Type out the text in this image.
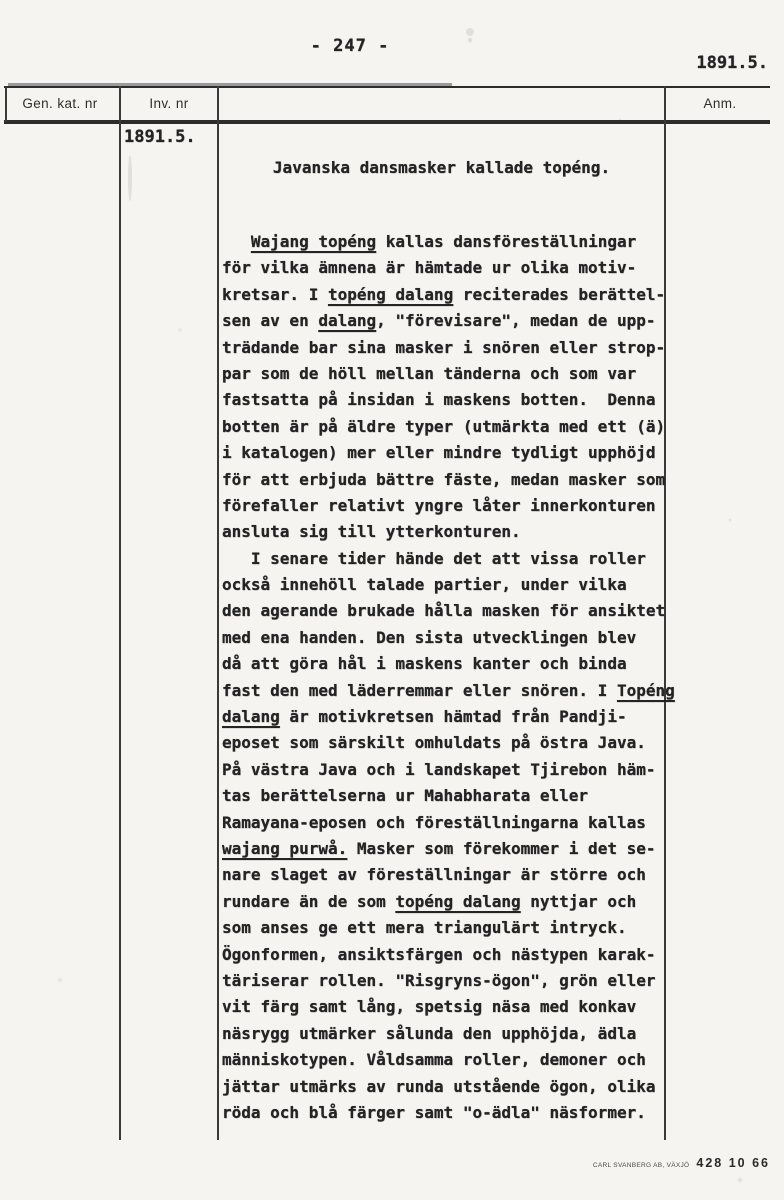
- 247 -
1891.5.
Gen. kat. nr	Inv. nr	Anm.
1891.5.
Javanska dansmasker kallade topéng.
Wajang topéng kallas dansföreställningar
för vilka ämnena är hämtade ur olika motiv-
kretsar. I topéng dalang reciterades berättel-
sen av en dalang, "förevisare", medan de upp-
trädande bar sina masker i snören eller strop-
par som de höll mellan tänderna och som var
fastsatta på insidan i maskens botten.  Denna
botten är på äldre typer (utmärkta med ett (ä)
i katalogen) mer eller mindre tydligt upphöjd
för att erbjuda bättre fäste, medan masker som
förefaller relativt yngre låter innerkonturen
ansluta sig till ytterkonturen.
I senare tider hände det att vissa roller
också innehöll talade partier, under vilka
den agerande brukade hålla masken för ansiktet
med ena handen. Den sista utvecklingen blev
då att göra hål i maskens kanter och binda
fast den med läderremmar eller snören. I Topéng
dalang är motivkretsen hämtad från Pandji-
eposet som särskilt omhuldats på östra Java.
På västra Java och i landskapet Tjirebon häm-
tas berättelserna ur Mahabharata eller
Ramayana-eposen och föreställningarna kallas
wajang purwå. Masker som förekommer i det se-
nare slaget av föreställningar är större och
rundare än de som topéng dalang nyttjar och
som anses ge ett mera triangulärt intryck.
Ögonformen, ansiktsfärgen och nästypen karak-
täriserar rollen. "Risgryns-ögon", grön eller
vit färg samt lång, spetsig näsa med konkav
näsrygg utmärker sålunda den upphöjda, ädla
människotypen. Våldsamma roller, demoner och
jättar utmärks av runda utstående ögon, olika
röda och blå färger samt "o-ädla" näsformer.
CARL SVANBERG AB, VÄXJÖ 428 10 66
